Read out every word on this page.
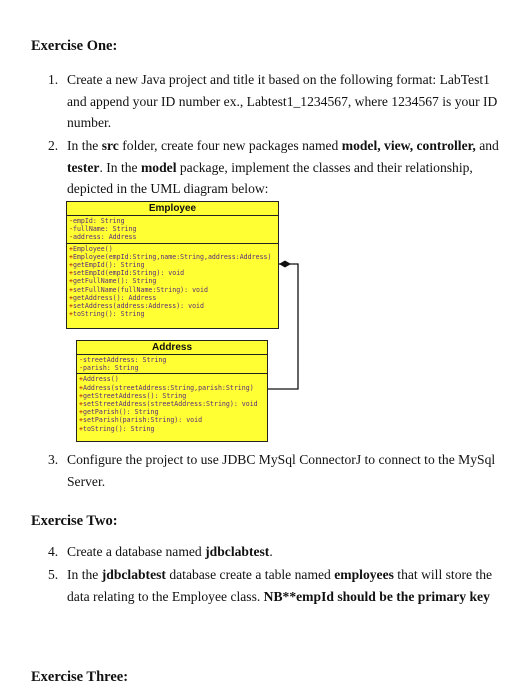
Exercise One:
1. Create a new Java project and title it based on the following format: LabTest1 and append your ID number ex., Labtest1_1234567, where 1234567 is your ID number.
2. In the src folder, create four new packages named model, view, controller, and tester. In the model package, implement the classes and their relationship, depicted in the UML diagram below:
Employee
-empId: String
-fullName: String
-address: Address
+Employee()
+Employee(empId:String,name:String,address:Address)
+getEmpId(): String
+setEmpId(empId:String): void
+getFullName(): String
+setFullName(fullName:String): void
+getAddress(): Address
+setAddress(address:Address): void
+toString(): String
Address
-streetAddress: String
-parish: String
+Address()
+Address(streetAddress:String,parish:String)
+getStreetAddress(): String
+setStreetAddress(streetAddress:String): void
+getParish(): String
+setParish(parish:String): void
+toString(): String
3. Configure the project to use JDBC MySql ConnectorJ to connect to the MySql Server.
Exercise Two:
4. Create a database named jdbclabtest.
5. In the jdbclabtest database create a table named employees that will store the data relating to the Employee class. NB**empId should be the primary key
Exercise Three:
